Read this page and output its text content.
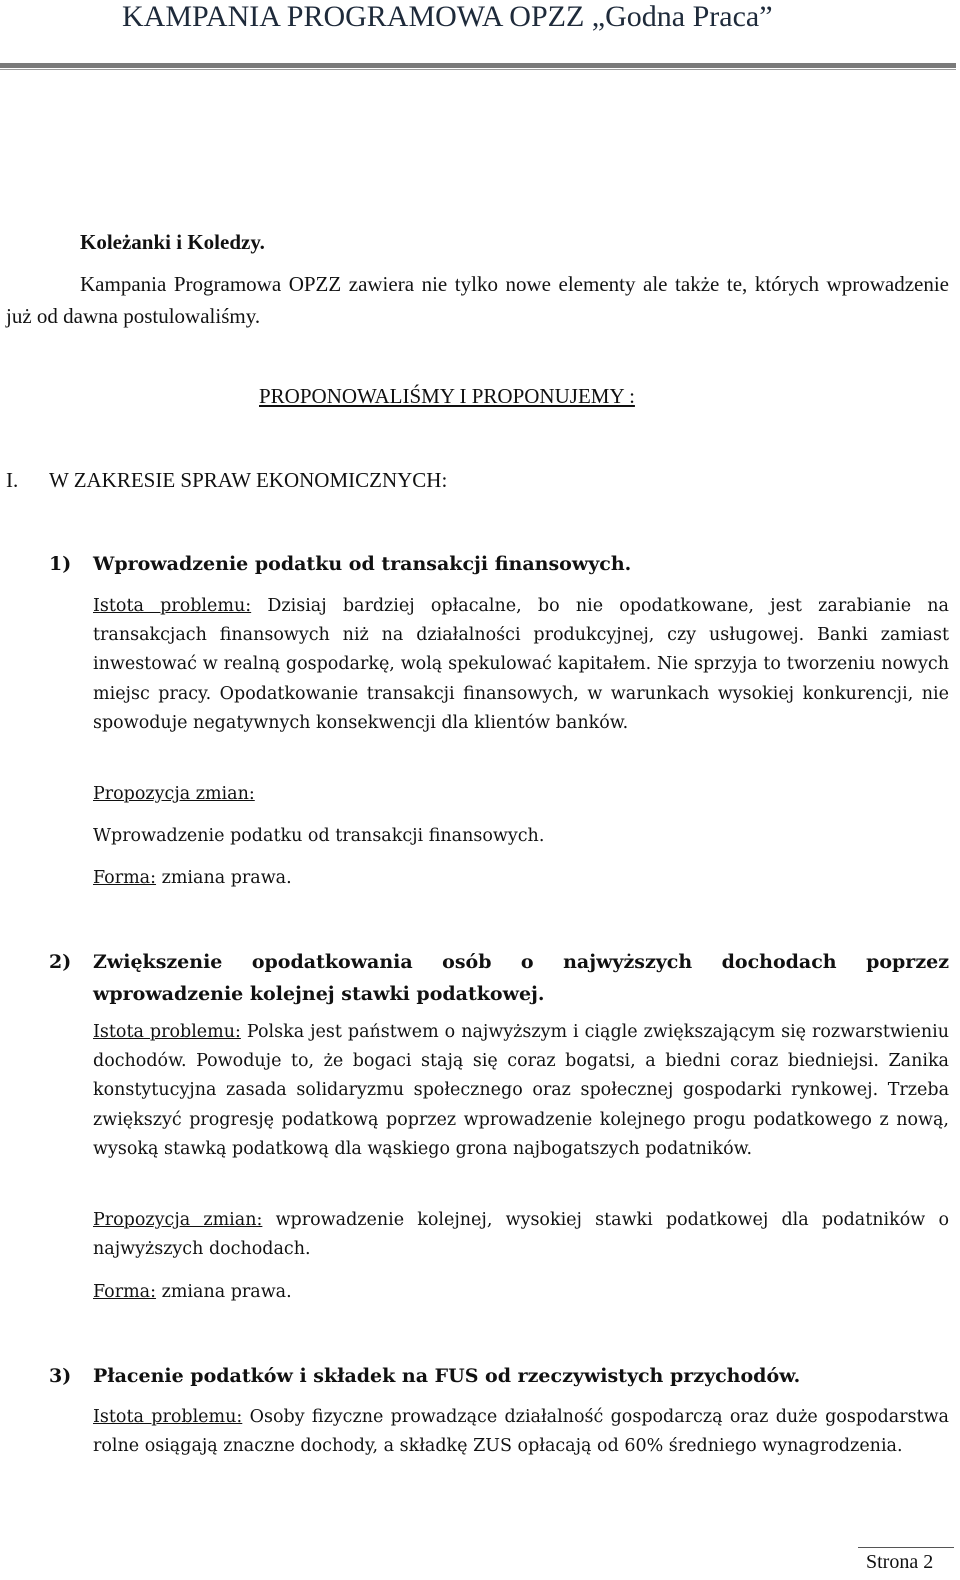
KAMPANIA PROGRAMOWA OPZZ „Godna Praca”
Koleżanki i Koledzy.
Kampania Programowa OPZZ zawiera nie tylko nowe elementy ale także te, których wprowadzenie już od dawna postulowaliśmy.
PROPONOWALIŚMY I PROPONUJEMY :
I. W ZAKRESIE SPRAW EKONOMICZNYCH:
1) Wprowadzenie podatku od transakcji finansowych.
Istota problemu: Dzisiaj bardziej opłacalne, bo nie opodatkowane, jest zarabianie na transakcjach finansowych niż na działalności produkcyjnej, czy usługowej. Banki zamiast inwestować w realną gospodarkę, wolą spekulować kapitałem. Nie sprzyja to tworzeniu nowych miejsc pracy. Opodatkowanie transakcji finansowych, w warunkach wysokiej konkurencji, nie spowoduje negatywnych konsekwencji dla klientów banków.
Propozycja zmian:
Wprowadzenie podatku od transakcji finansowych.
Forma: zmiana prawa.
2) Zwiększenie opodatkowania osób o najwyższych dochodach poprzez wprowadzenie kolejnej stawki podatkowej.
Istota problemu: Polska jest państwem o najwyższym i ciągle zwiększającym się rozwarstwieniu dochodów. Powoduje to, że bogaci stają się coraz bogatsi, a biedni coraz biedniejsi. Zanika konstytucyjna zasada solidaryzmu społecznego oraz społecznej gospodarki rynkowej. Trzeba zwiększyć progresję podatkową poprzez wprowadzenie kolejnego progu podatkowego z nową, wysoką stawką podatkową dla wąskiego grona najbogatszych podatników.
Propozycja zmian: wprowadzenie kolejnej, wysokiej stawki podatkowej dla podatników o najwyższych dochodach.
Forma: zmiana prawa.
3) Płacenie podatków i składek na FUS od rzeczywistych przychodów.
Istota problemu: Osoby fizyczne prowadzące działalność gospodarczą oraz duże gospodarstwa rolne osiągają znaczne dochody, a składkę ZUS opłacają od 60% średniego wynagrodzenia.
Strona 2
